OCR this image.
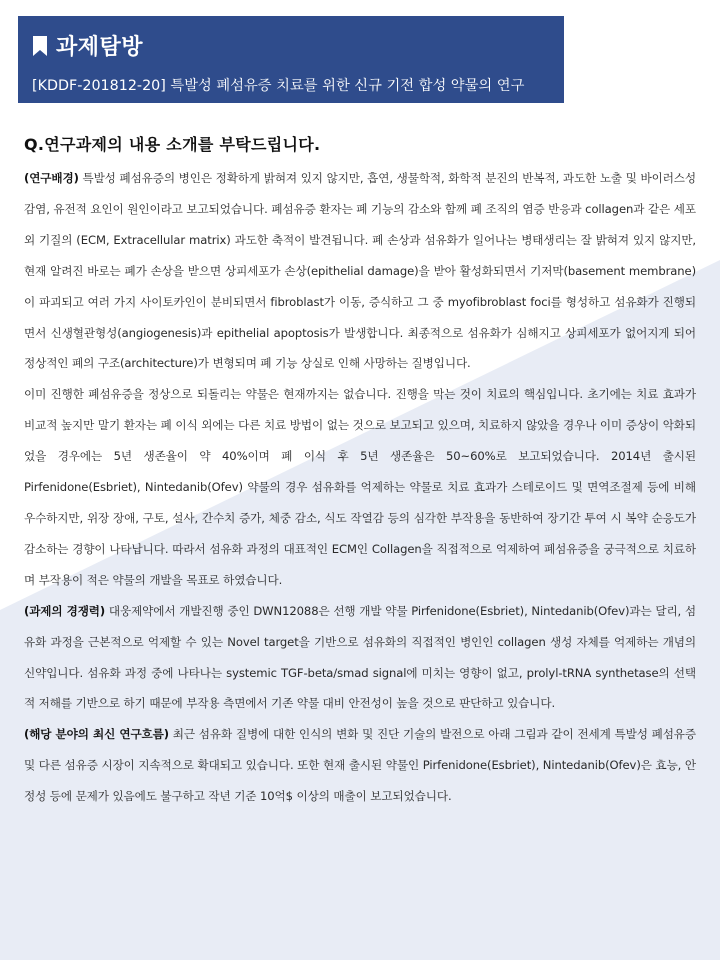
과제탐방
[KDDF-201812-20] 특발성 폐섬유증 치료를 위한 신규 기전 합성 약물의 연구
Q.연구과제의 내용 소개를 부탁드립니다.

(연구배경) 특발성 폐섬유증의 병인은 정확하게 밝혀져 있지 않지만, 흡연, 생물학적, 화학적 분진의 반복적, 과도한 노출 및 바이러스성 감염, 유전적 요인이 원인이라고 보고되었습니다. 폐섬유증 환자는 폐 기능의 감소와 함께 폐 조직의 염증 반응과 collagen과 같은 세포외 기질의 (ECM, Extracellular matrix) 과도한 축적이 발견됩니다. 폐 손상과 섬유화가 일어나는 병태생리는 잘 밝혀져 있지 않지만, 현재 알려진 바로는 폐가 손상을 받으면 상피세포가 손상(epithelial damage)을 받아 활성화되면서 기저막(basement membrane)이 파괴되고 여러 가지 사이토카인이 분비되면서 fibroblast가 이동, 증식하고 그 중 myofibroblast foci를 형성하고 섬유화가 진행되면서 신생혈관형성(angiogenesis)과 epithelial apoptosis가 발생합니다. 최종적으로 섬유화가 심해지고 상피세포가 없어지게 되어 정상적인 폐의 구조(architecture)가 변형되며 폐 기능 상실로 인해 사망하는 질병입니다.

이미 진행한 폐섬유증을 정상으로 되돌리는 약물은 현재까지는 없습니다. 진행을 막는 것이 치료의 핵심입니다. 초기에는 치료 효과가 비교적 높지만 말기 환자는 폐 이식 외에는 다른 치료 방법이 없는 것으로 보고되고 있으며, 치료하지 않았을 경우나 이미 증상이 악화되었을 경우에는 5년 생존율이 약 40%이며 폐 이식 후 5년 생존율은 50~60%로 보고되었습니다. 2014년 출시된 Pirfenidone(Esbriet), Nintedanib(Ofev) 약물의 경우 섬유화를 억제하는 약물로 치료 효과가 스테로이드 및 면역조절제 등에 비해 우수하지만, 위장 장애, 구토, 설사, 간수치 증가, 체중 감소, 식도 작열감 등의 심각한 부작용을 동반하여 장기간 투여 시 복약 순응도가 감소하는 경향이 나타납니다. 따라서 섬유화 과정의 대표적인 ECM인 Collagen을 직접적으로 억제하여 폐섬유증을 궁극적으로 치료하며 부작용이 적은 약물의 개발을 목표로 하였습니다.

(과제의 경쟁력) 대웅제약에서 개발진행 중인 DWN12088은 선행 개발 약물 Pirfenidone(Esbriet), Nintedanib(Ofev)과는 달리, 섬유화 과정을 근본적으로 억제할 수 있는 Novel target을 기반으로 섬유화의 직접적인 병인인 collagen 생성 자체를 억제하는 개념의 신약입니다. 섬유화 과정 중에 나타나는 systemic TGF-beta/smad signal에 미치는 영향이 없고, prolyl-tRNA synthetase의 선택적 저해를 기반으로 하기 때문에 부작용 측면에서 기존 약물 대비 안전성이 높을 것으로 판단하고 있습니다.

(해당 분야의 최신 연구흐름) 최근 섬유화 질병에 대한 인식의 변화 및 진단 기술의 발전으로 아래 그림과 같이 전세계 특발성 폐섬유증 및 다른 섬유증 시장이 지속적으로 확대되고 있습니다. 또한 현재 출시된 약물인 Pirfenidone(Esbriet), Nintedanib(Ofev)은 효능, 안정성 등에 문제가 있음에도 불구하고 작년 기준 10억$ 이상의 매출이 보고되었습니다.
